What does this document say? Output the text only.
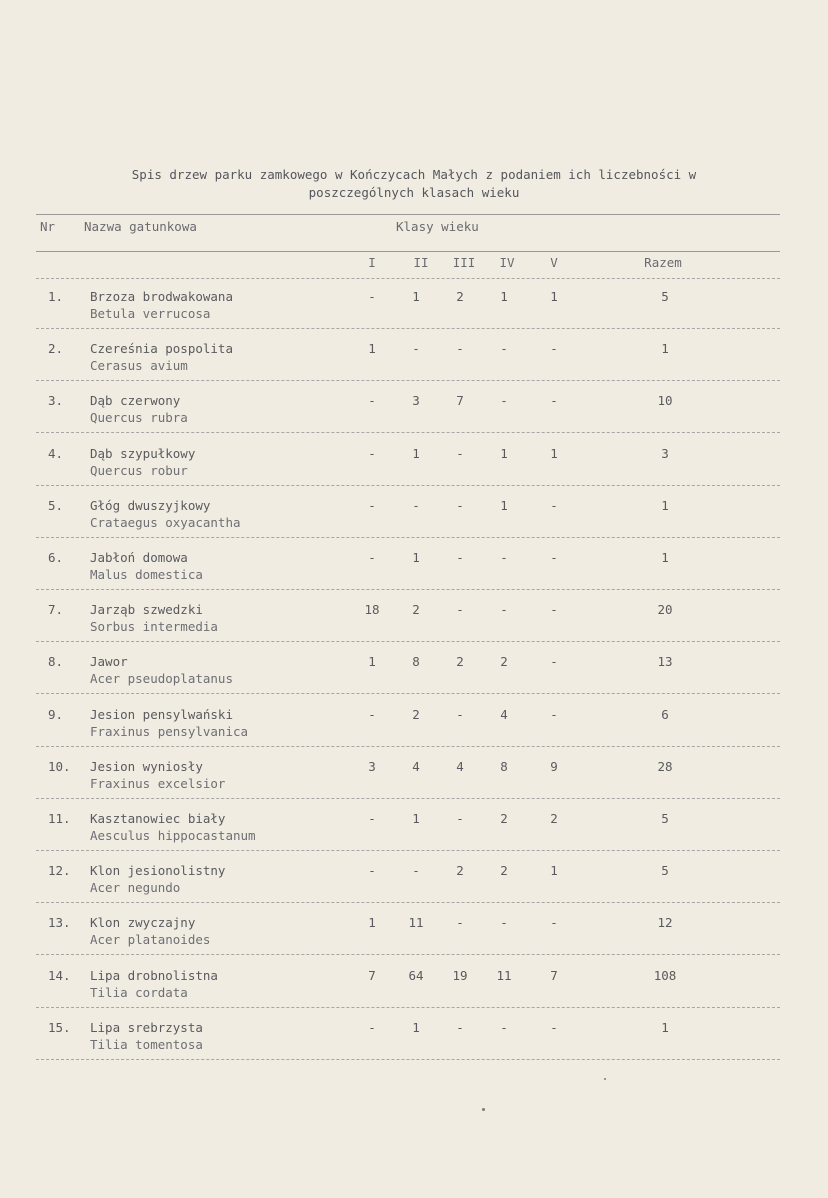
Spis drzew parku zamkowego w Kończycach Małych z podaniem ich liczebności w
poszczególnych klasach wieku
Nr Nazwa gatunkowa	Klasy wieku
I	II	III	IV	V	Razem
1. Brzoza brodwakowana
Betula verrucosa
-	1	2	1	1	5
2. Czereśnia pospolita
Cerasus avium
1	-	-	-	-	1
3. Dąb czerwony
Quercus rubra
-	3	7	-	-	10
4. Dąb szypułkowy
Quercus robur
-	1	-	1	1	3
5. Głóg dwuszyjkowy
Crataegus oxyacantha
-	-	-	1	-	1
6. Jabłoń domowa
Malus domestica
-	1	-	-	-	1
7. Jarząb szwedzki
Sorbus intermedia
18	2	-	-	-	20
8. Jawor
Acer pseudoplatanus
1	8	2	2	-	13
9. Jesion pensylwański
Fraxinus pensylvanica
-	2	-	4	-	6
10. Jesion wyniosły
Fraxinus excelsior
3	4	4	8	9	28
11. Kasztanowiec biały
Aesculus hippocastanum
-	1	-	2	2	5
12. Klon jesionolistny
Acer negundo
-	-	2	2	1	5
13. Klon zwyczajny
Acer platanoides
1	11	-	-	-	12
14. Lipa drobnolistna
Tilia cordata
7	64	19	11	7	108
15. Lipa srebrzysta
Tilia tomentosa
-	1	-	-	-	1
